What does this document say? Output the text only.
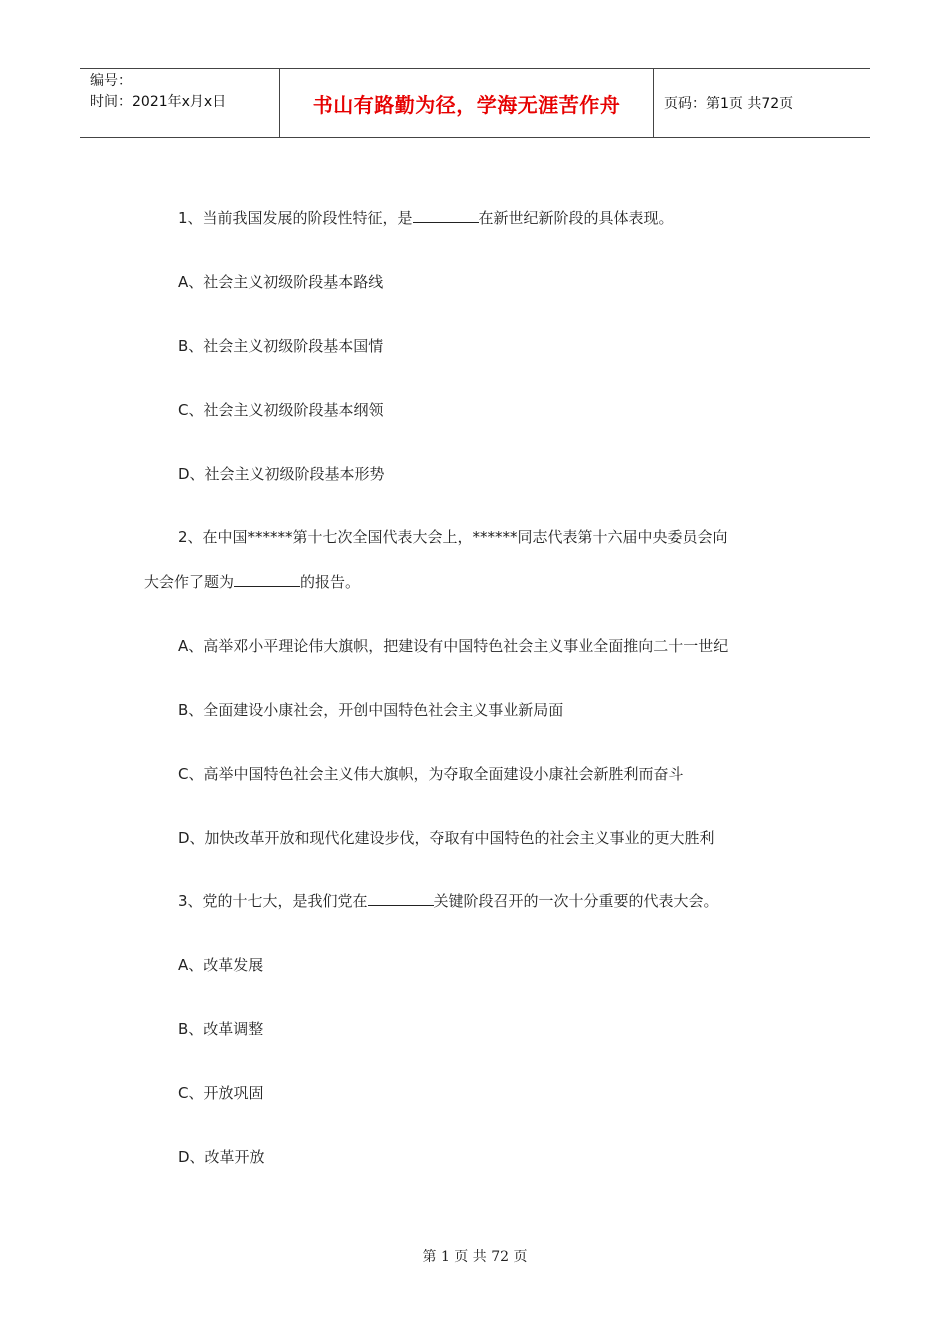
编号：
时间：2021年x月x日	书山有路勤为径，学海无涯苦作舟	页码：第1页 共72页
1、当前我国发展的阶段性特征，是	在新世纪新阶段的具体表现。
A、社会主义初级阶段基本路线
B、社会主义初级阶段基本国情
C、社会主义初级阶段基本纲领
D、社会主义初级阶段基本形势
2、在中国******第十七次全国代表大会上，******同志代表第十六届中央委员会向
大会作了题为	的报告。
A、高举邓小平理论伟大旗帜，把建设有中国特色社会主义事业全面推向二十一世纪
B、全面建设小康社会，开创中国特色社会主义事业新局面
C、高举中国特色社会主义伟大旗帜，为夺取全面建设小康社会新胜利而奋斗
D、加快改革开放和现代化建设步伐，夺取有中国特色的社会主义事业的更大胜利
3、党的十七大，是我们党在	关键阶段召开的一次十分重要的代表大会。
A、改革发展
B、改革调整
C、开放巩固
D、改革开放
第 1 页 共 72 页
